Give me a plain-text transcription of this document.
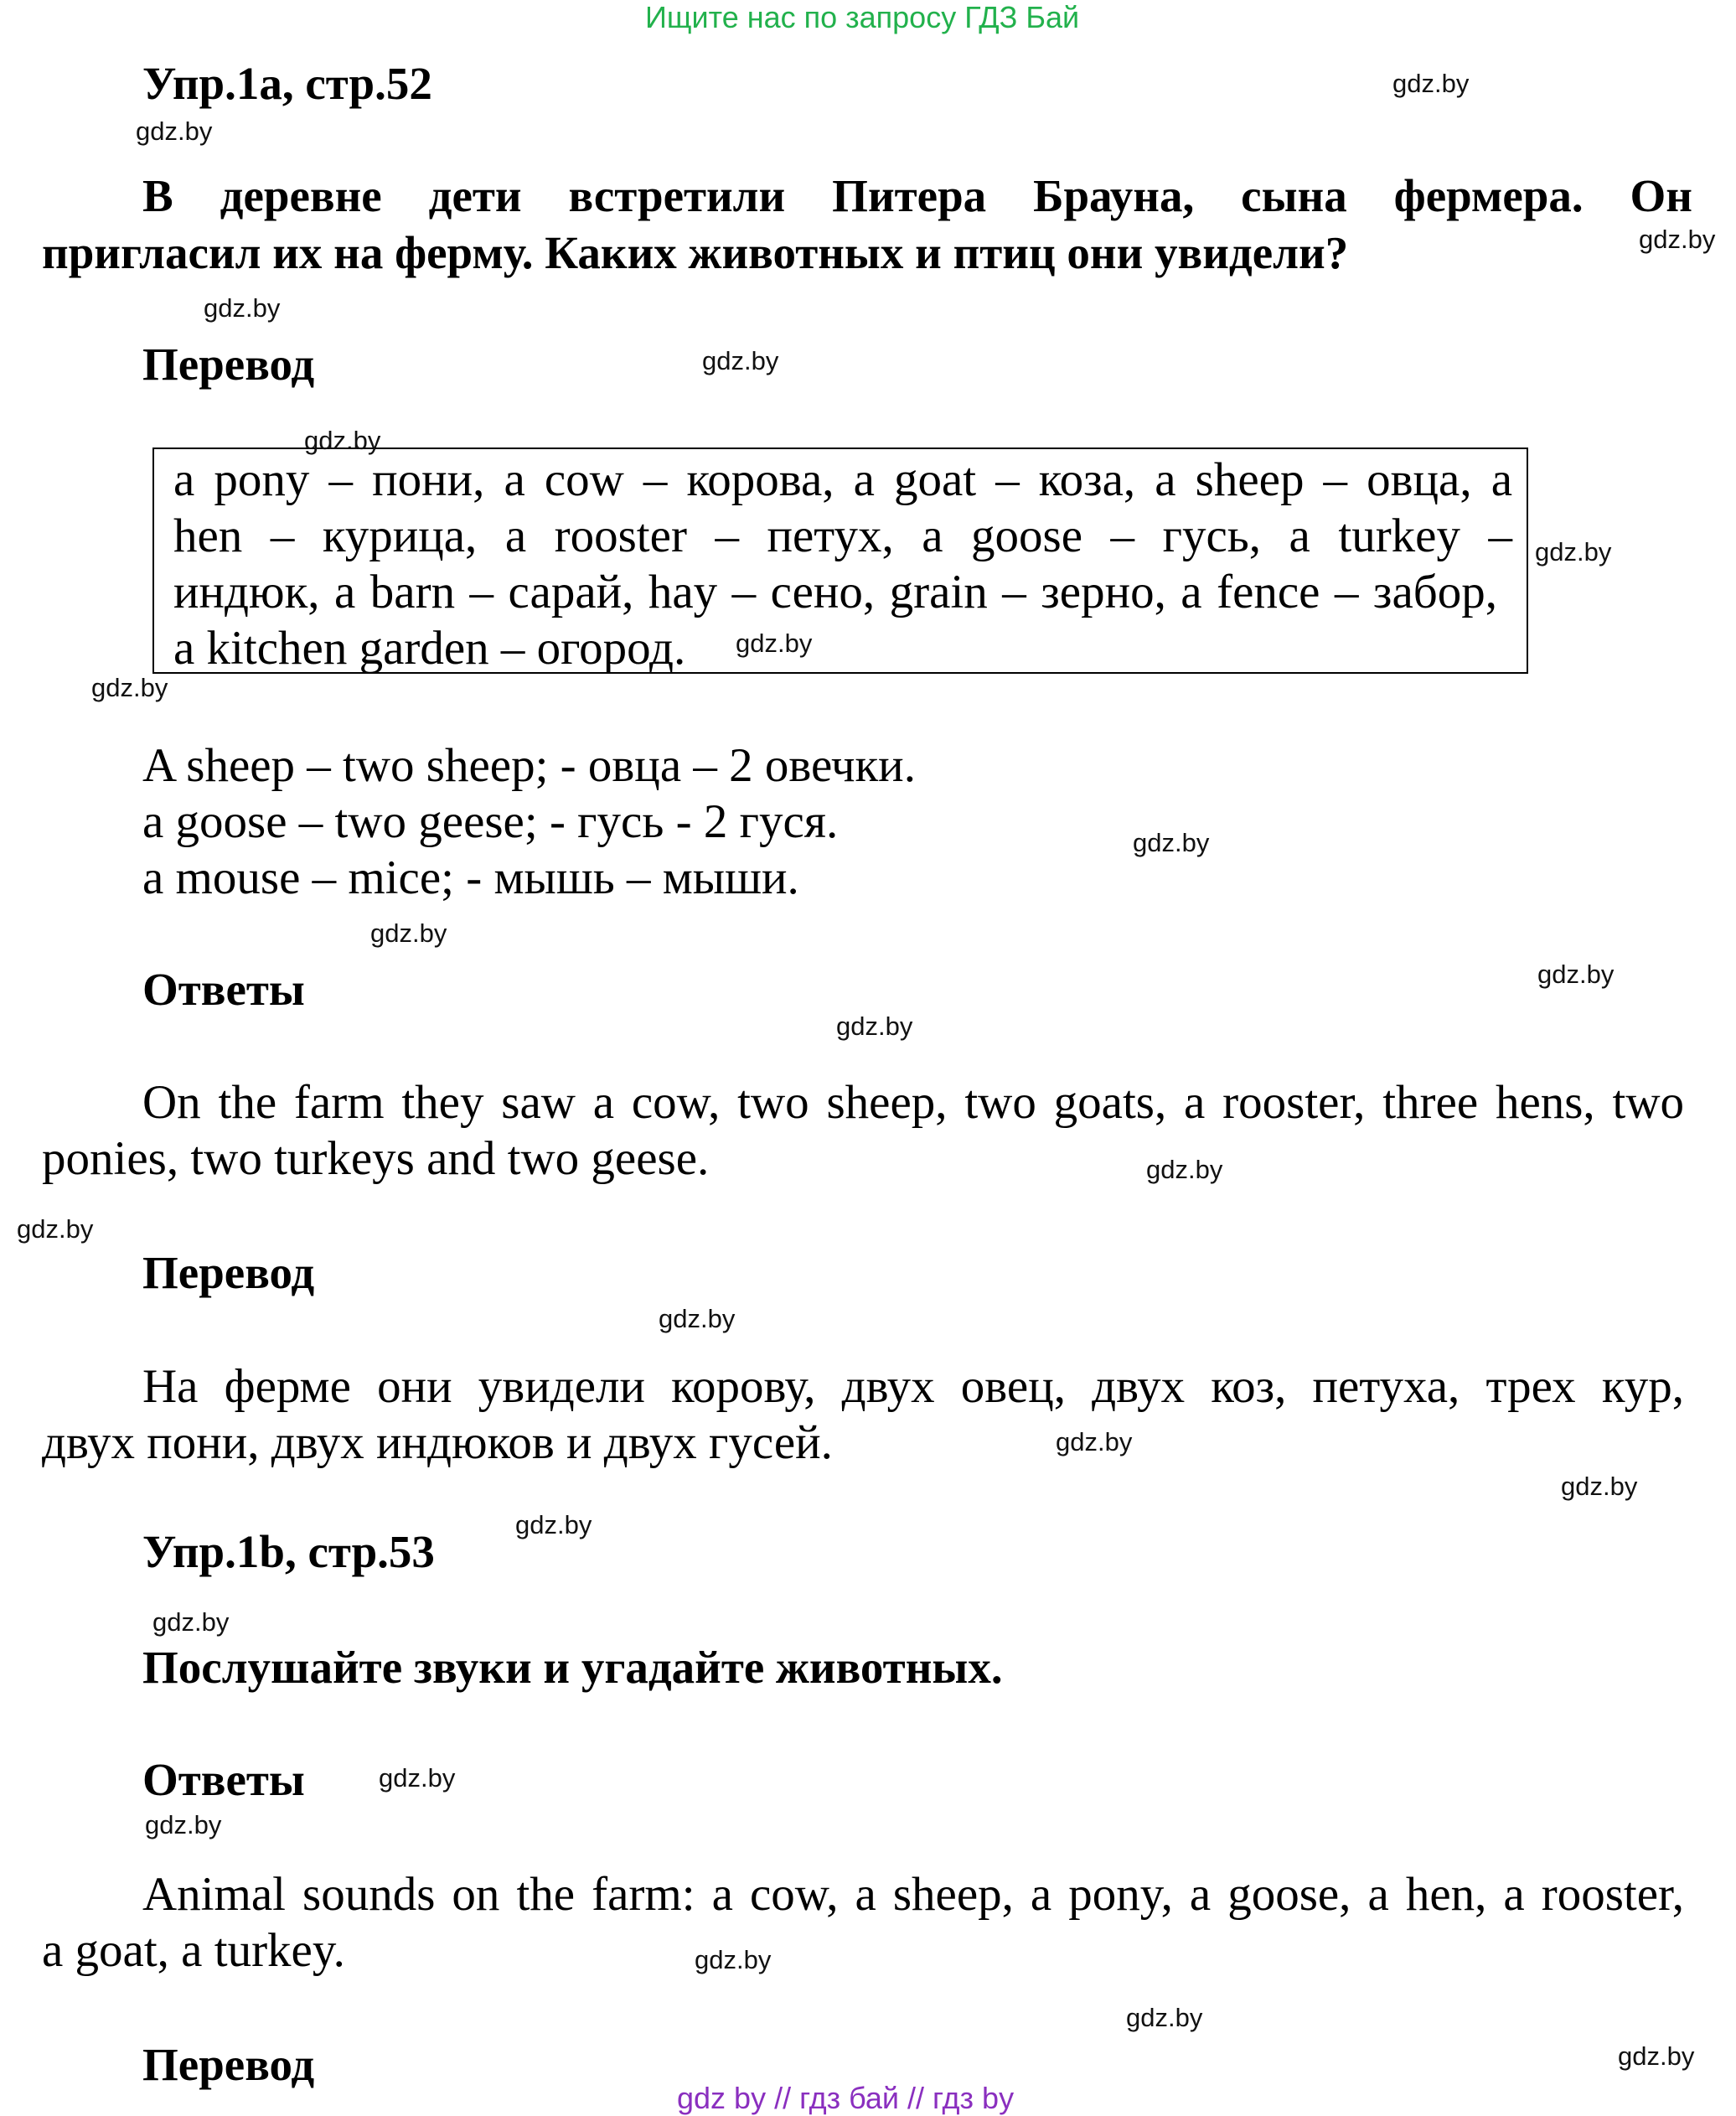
Ищите нас по запросу ГДЗ Бай
Упр.1a, стр.52
В деревне дети встретили Питера Брауна, сына фермера. Он
пригласил их на ферму. Каких животных и птиц они увидели?
Перевод
a pony – пони, a cow – корова, a goat – коза, a sheep – овца, a
hen – курица, a rooster – петух, a goose – гусь, a turkey –
индюк, a barn – сарай, hay – сено, grain – зерно, a fence – забор,
a kitchen garden – огород.
A sheep – two sheep; - овца – 2 овечки.
a goose – two geese; - гусь - 2 гуся.
a mouse – mice; - мышь – мыши.
Ответы
On the farm they saw a cow, two sheep, two goats, a rooster, three hens, two
ponies, two turkeys and two geese.
Перевод
На ферме они увидели корову, двух овец, двух коз, петуха, трех кур,
двух пони, двух индюков и двух гусей.
Упр.1b, стр.53
Послушайте звуки и угадайте животных.
Ответы
Animal sounds on the farm: a cow, a sheep, a pony, a goose, a hen, a rooster,
a goat, a turkey.
Перевод
gdz by // гдз бай // гдз by
gdz.by
gdz.by
gdz.by
gdz.by
gdz.by
gdz.by
gdz.by
gdz.by
gdz.by
gdz.by
gdz.by
gdz.by
gdz.by
gdz.by
gdz.by
gdz.by
gdz.by
gdz.by
gdz.by
gdz.by
gdz.by
gdz.by
gdz.by
gdz.by
gdz.by
